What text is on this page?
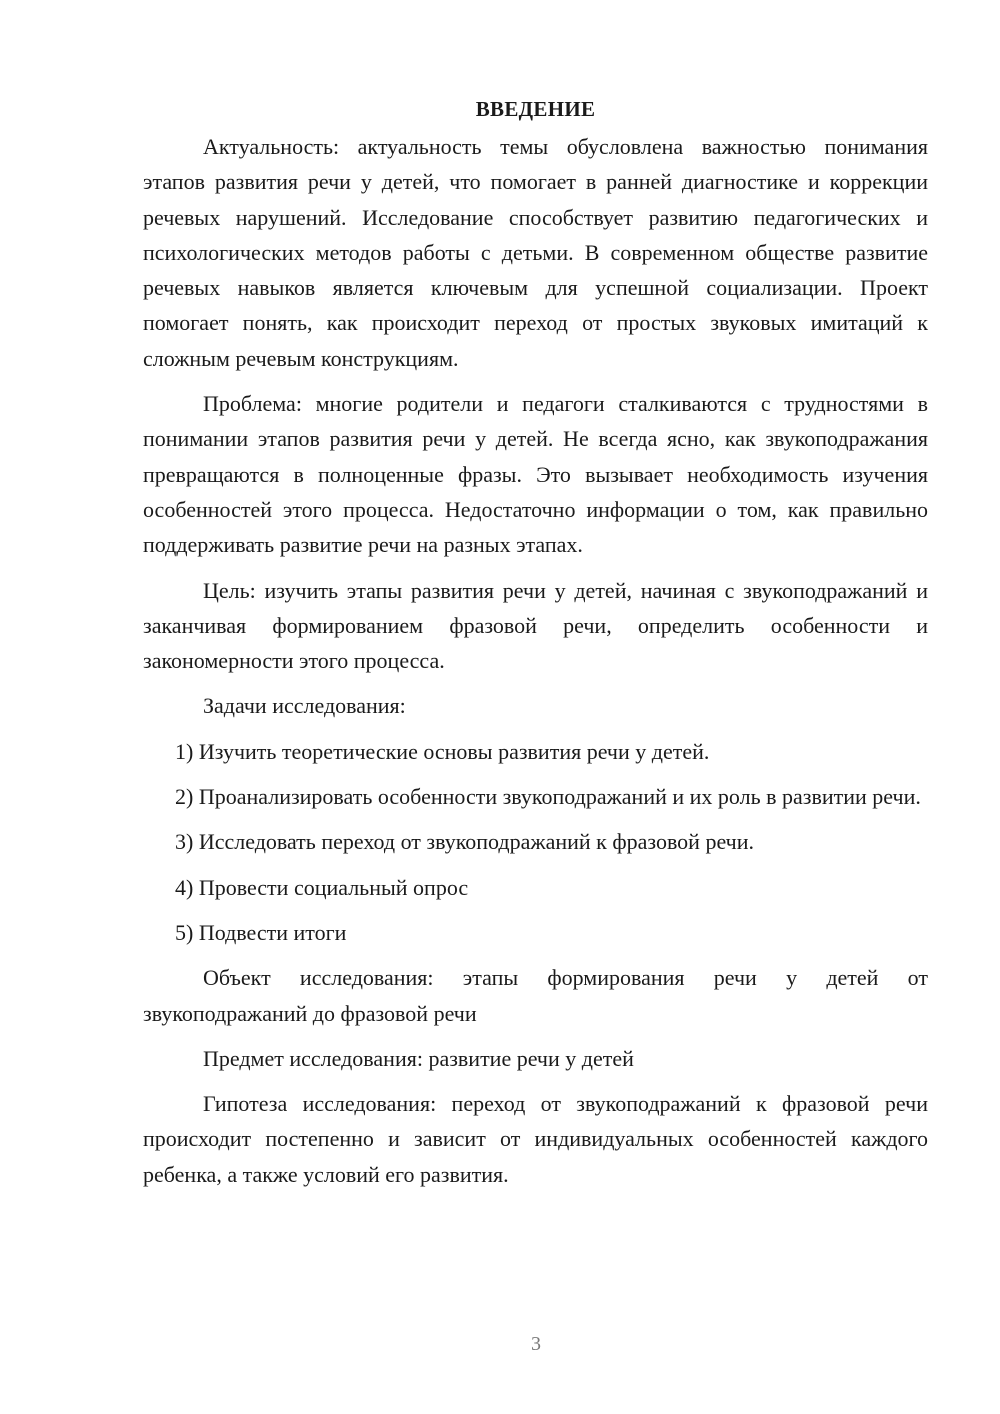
ВВЕДЕНИЕ

Актуальность: актуальность темы обусловлена важностью понимания этапов развития речи у детей, что помогает в ранней диагностике и коррекции речевых нарушений. Исследование способствует развитию педагогических и психологических методов работы с детьми. В современном обществе развитие речевых навыков является ключевым для успешной социализации. Проект помогает понять, как происходит переход от простых звуковых имитаций к сложным речевым конструкциям.

Проблема: многие родители и педагоги сталкиваются с трудностями в понимании этапов развития речи у детей. Не всегда ясно, как звукоподражания превращаются в полноценные фразы. Это вызывает необходимость изучения особенностей этого процесса. Недостаточно информации о том, как правильно поддерживать развитие речи на разных этапах.

Цель: изучить этапы развития речи у детей, начиная с звукоподражаний и заканчивая формированием фразовой речи, определить особенности и закономерности этого процесса.

Задачи исследования:

1) Изучить теоретические основы развития речи у детей.

2) Проанализировать особенности звукоподражаний и их роль в развитии речи.

3) Исследовать переход от звукоподражаний к фразовой речи.

4) Провести социальный опрос

5) Подвести итоги

Объект исследования: этапы формирования речи у детей от звукоподражаний до фразовой речи

Предмет исследования: развитие речи у детей

Гипотеза исследования: переход от звукоподражаний к фразовой речи происходит постепенно и зависит от индивидуальных особенностей каждого ребенка, а также условий его развития.

3
